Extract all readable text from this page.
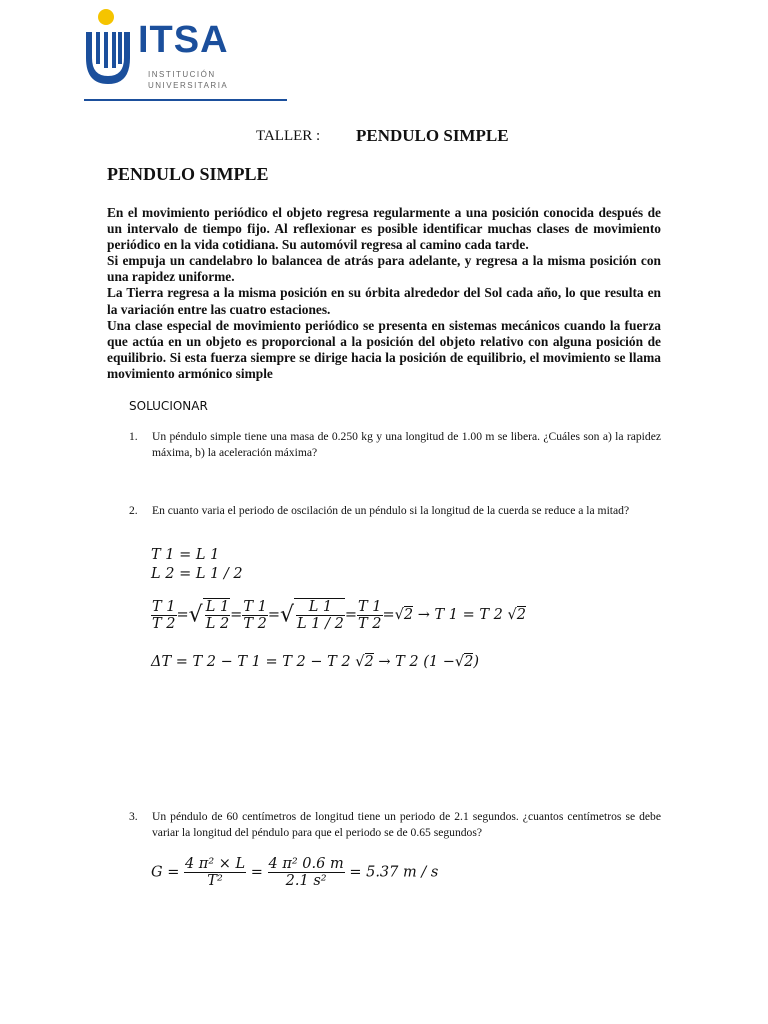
ITSA
INSTITUCIÓN
UNIVERSITARIA
TALLER : PENDULO SIMPLE
PENDULO SIMPLE

En el movimiento periódico el objeto regresa regularmente a una posición conocida después de un intervalo de tiempo fijo. Al reflexionar es posible identificar muchas clases de movimiento periódico en la vida cotidiana. Su automóvil regresa al camino cada tarde.

Si empuja un candelabro lo balancea de atrás para adelante, y regresa a la misma posición con una rapidez uniforme.

La Tierra regresa a la misma posición en su órbita alrededor del Sol cada año, lo que resulta en la variación entre las cuatro estaciones.

Una clase especial de movimiento periódico se presenta en sistemas mecánicos cuando la fuerza que actúa en un objeto es proporcional a la posición del objeto relativo con alguna posición de equilibrio. Si esta fuerza siempre se dirige hacia la posición de equilibrio, el movimiento se llama movimiento armónico simple

SOLUCIONAR
1. Un péndulo simple tiene una masa de 0.250 kg y una longitud de 1.00 m se libera. ¿Cuáles son a) la rapidez máxima, b) la aceleración máxima?
2. En cuanto varia el periodo de oscilación de un péndulo si la longitud de la cuerda se reduce a la mitad?
T 1 = L 1
L 2 = L 1 / 2
$\frac{T 1}{T 2}$ =√ $\frac{L 1}{L 2} = \frac{T 1}{T 2}$ =√ $\frac{L 1}{L 1 / 2} = \frac{T 1}{T 2} =√2 \to T$ 1 = T 2 √2
ΔT = T 2 − T 1 = T 2 − T 2 √2 → T 2 (1 −√2)
3. Un péndulo de 60 centímetros de longitud tiene un periodo de 2.1 segundos. ¿cuantos centímetros se debe variar la longitud del péndulo para que el periodo se de 0.65 segundos?
$G = \frac{\text{4 π² × L}}{\text{T²}} = \frac{\text{4 π² 0.6 m}}{\text{2.1 s²}} = 5.37$ m / s
